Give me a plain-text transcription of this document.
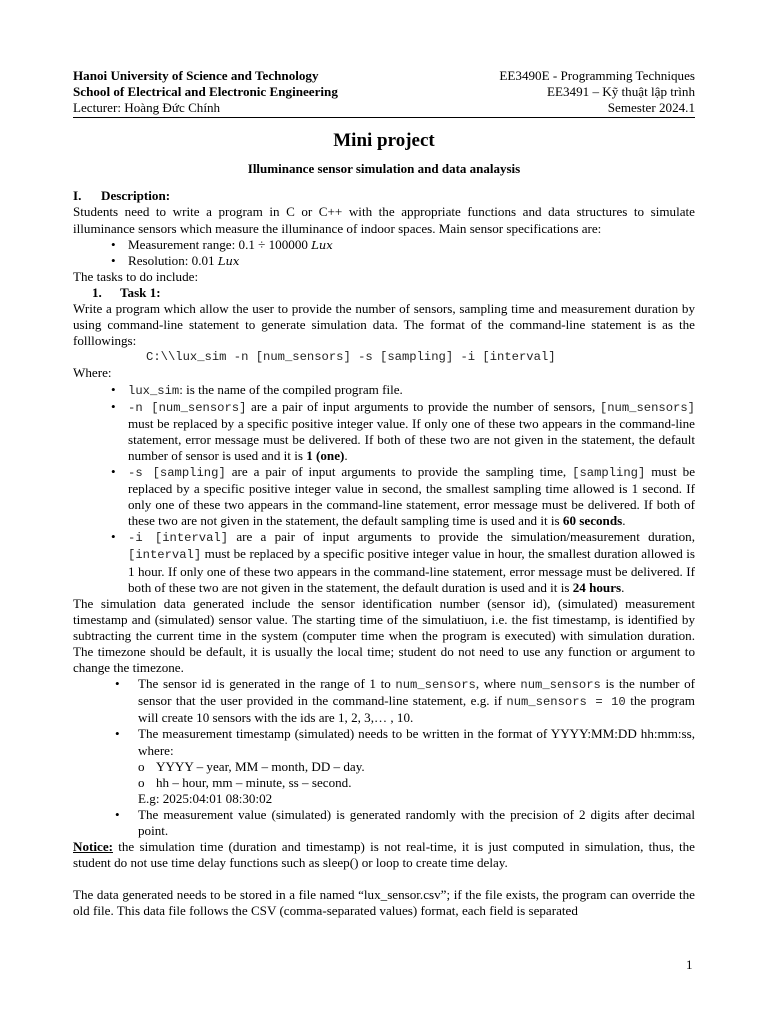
Hanoi University of Science and Technology
School of Electrical and Electronic Engineering
Lecturer: Hoàng Đức Chính
EE3490E - Programming Techniques
EE3491 – Kỹ thuật lập trình
Semester 2024.1
Mini project
Illuminance sensor simulation and data analaysis
I. Description:

Students need to write a program in C or C++ with the appropriate functions and data structures to simulate illuminance sensors which measure the illuminance of indoor spaces. Main sensor specifications are:

• Measurement range: 0.1 ÷ 100000 Lux
• Resolution: 0.01 Lux

The tasks to do include:

1. Task 1:

Write a program which allow the user to provide the number of sensors, sampling time and measurement duration by using command-line statement to generate simulation data. The format of the command-line statement is as the folllowings:

C:\\lux_sim -n [num_sensors] -s [sampling] -i [interval]

Where:

• lux_sim: is the name of the compiled program file.
• -n [num_sensors] are a pair of input arguments to provide the number of sensors, [num_sensors] must be replaced by a specific positive integer value. If only one of these two appears in the command-line statement, error message must be delivered. If both of these two are not given in the statement, the default number of sensor is used and it is 1 (one).
• -s [sampling] are a pair of input arguments to provide the sampling time, [sampling] must be replaced by a specific positive integer value in second, the smallest sampling time allowed is 1 second. If only one of these two appears in the command-line statement, error message must be delivered. If both of these two are not given in the statement, the default sampling time is used and it is 60 seconds.
• -i [interval] are a pair of input arguments to provide the simulation/measurement duration, [interval] must be replaced by a specific positive integer value in hour, the smallest duration allowed is 1 hour. If only one of these two appears in the command-line statement, error message must be delivered. If both of these two are not given in the statement, the default duration is used and it is 24 hours.

The simulation data generated include the sensor identification number (sensor id), (simulated) measurement timestamp and (simulated) sensor value. The starting time of the simulatiuon, i.e. the fist timestamp, is identified by subtracting the current time in the system (computer time when the program is executed) with simulation duration. The timezone should be default, it is usually the local time; student do not need to use any function or argument to change the timezone.

• The sensor id is generated in the range of 1 to num_sensors, where num_sensors is the number of sensor that the user provided in the command-line statement, e.g. if num_sensors = 10 the program will create 10 sensors with the ids are 1, 2, 3,… , 10.
• The measurement timestamp (simulated) needs to be written in the format of YYYY:MM:DD hh:mm:ss, where:
o YYYY – year, MM – month, DD – day.
o hh – hour, mm – minute, ss – second.
E.g: 2025:04:01 08:30:02
• The measurement value (simulated) is generated randomly with the precision of 2 digits after decimal point.

Notice: the simulation time (duration and timestamp) is not real-time, it is just computed in simulation, thus, the student do not use time delay functions such as sleep() or loop to create time delay.

The data generated needs to be stored in a file named “lux_sensor.csv”; if the file exists, the program can override the old file. This data file follows the CSV (comma-separated values) format, each field is separated

1
